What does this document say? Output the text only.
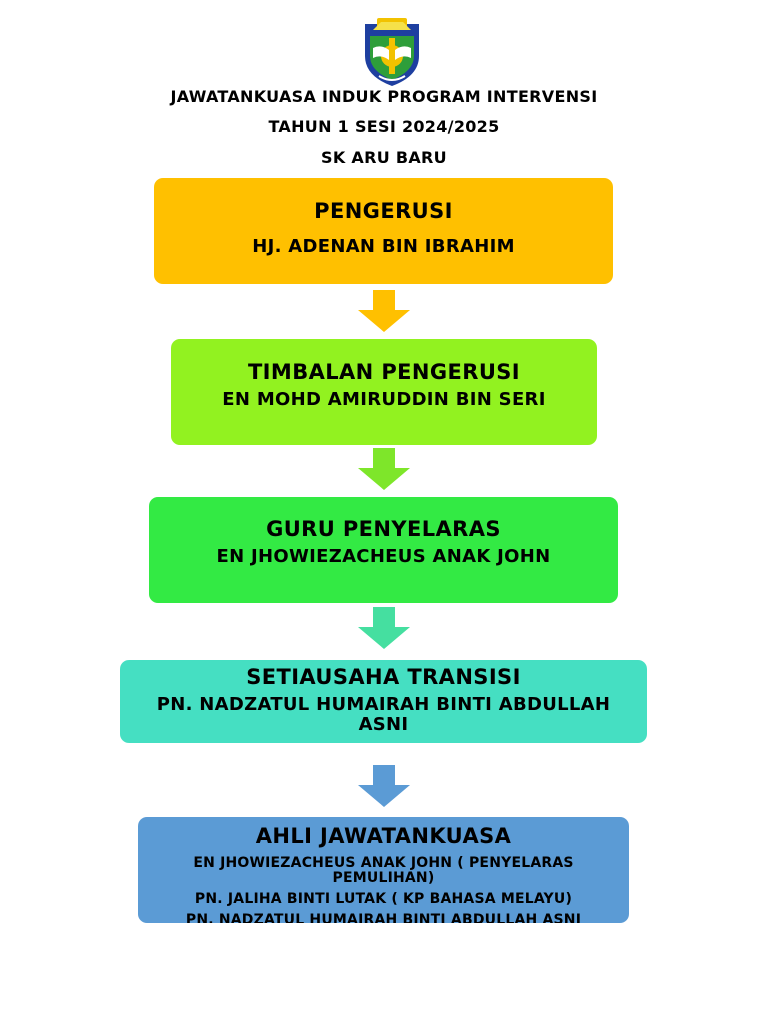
JAWATANKUASA INDUK PROGRAM INTERVENSI
TAHUN 1 SESI 2024/2025
SK ARU BARU
PENGERUSI
HJ. ADENAN BIN IBRAHIM
TIMBALAN PENGERUSI
EN MOHD AMIRUDDIN BIN SERI
GURU PENYELARAS
EN JHOWIEZACHEUS ANAK JOHN
SETIAUSAHA TRANSISI
PN. NADZATUL HUMAIRAH BINTI ABDULLAH ASNI
AHLI JAWATANKUASA
EN JHOWIEZACHEUS ANAK JOHN ( PENYELARAS PEMULIHAN)
PN. JALIHA BINTI LUTAK ( KP BAHASA MELAYU)
PN. NADZATUL HUMAIRAH BINTI ABDULLAH ASNI
